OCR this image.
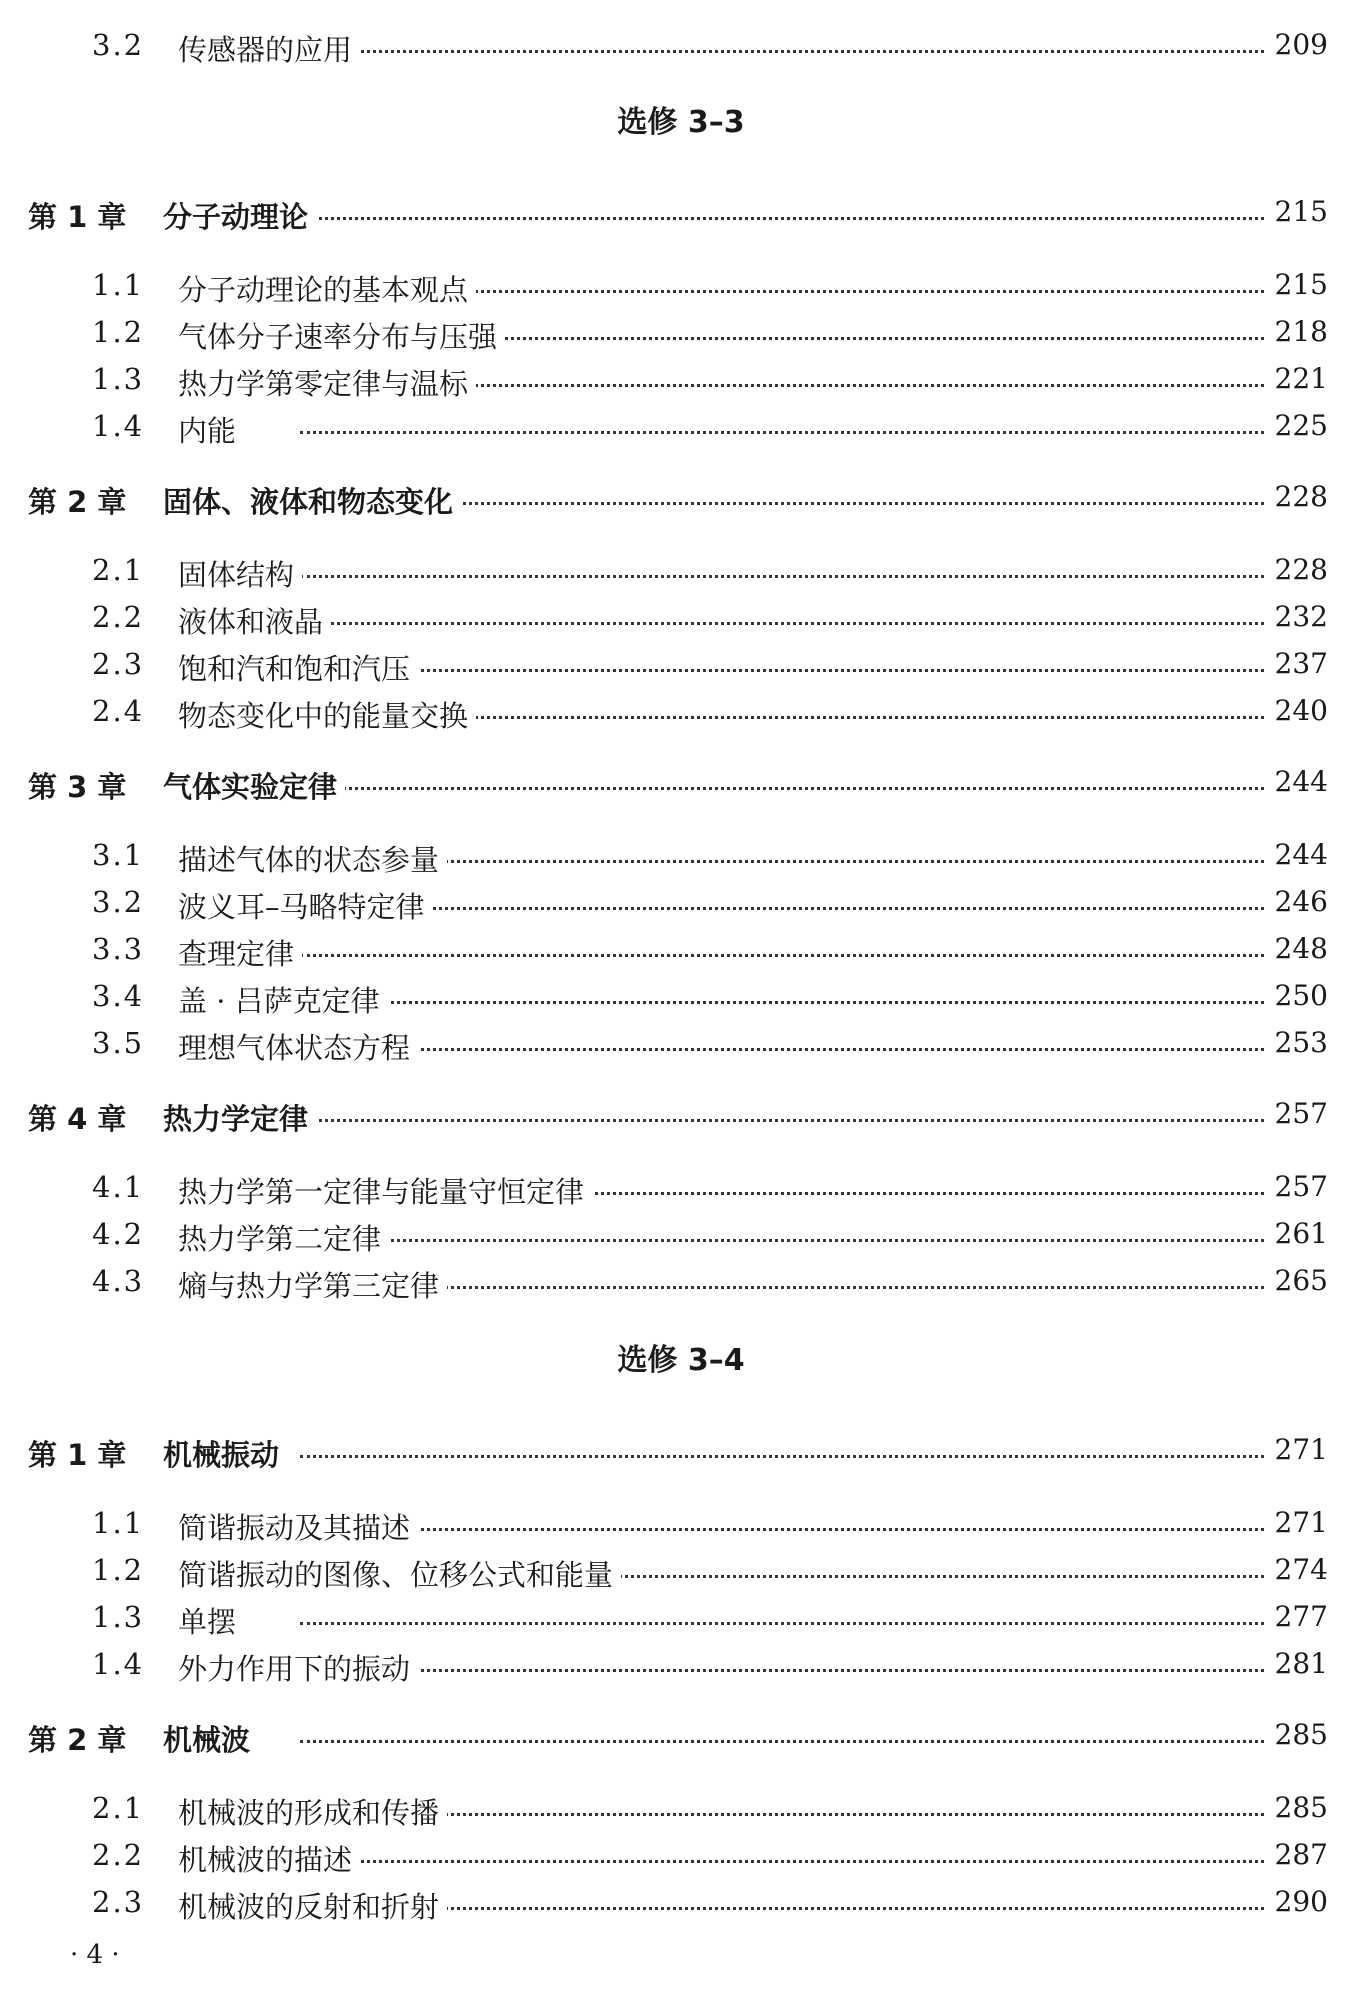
3.2 传感器的应用	209
选修 3–3
第 1 章 分子动理论	215
1.1 分子动理论的基本观点	215
1.2 气体分子速率分布与压强	218
1.3 热力学第零定律与温标	221
1.4 内能	225
第 2 章 固体、液体和物态变化	228
2.1 固体结构	228
2.2 液体和液晶	232
2.3 饱和汽和饱和汽压	237
2.4 物态变化中的能量交换	240
第 3 章 气体实验定律	244
3.1 描述气体的状态参量	244
3.2 波义耳–马略特定律	246
3.3 查理定律	248
3.4 盖 · 吕萨克定律	250
3.5 理想气体状态方程	253
第 4 章 热力学定律	257
4.1 热力学第一定律与能量守恒定律	257
4.2 热力学第二定律	261
4.3 熵与热力学第三定律	265
选修 3–4
第 1 章 机械振动	271
1.1 简谐振动及其描述	271
1.2 简谐振动的图像、位移公式和能量	274
1.3 单摆	277
1.4 外力作用下的振动	281
第 2 章 机械波	285
2.1 机械波的形成和传播	285
2.2 机械波的描述	287
2.3 机械波的反射和折射	290
· 4 ·
